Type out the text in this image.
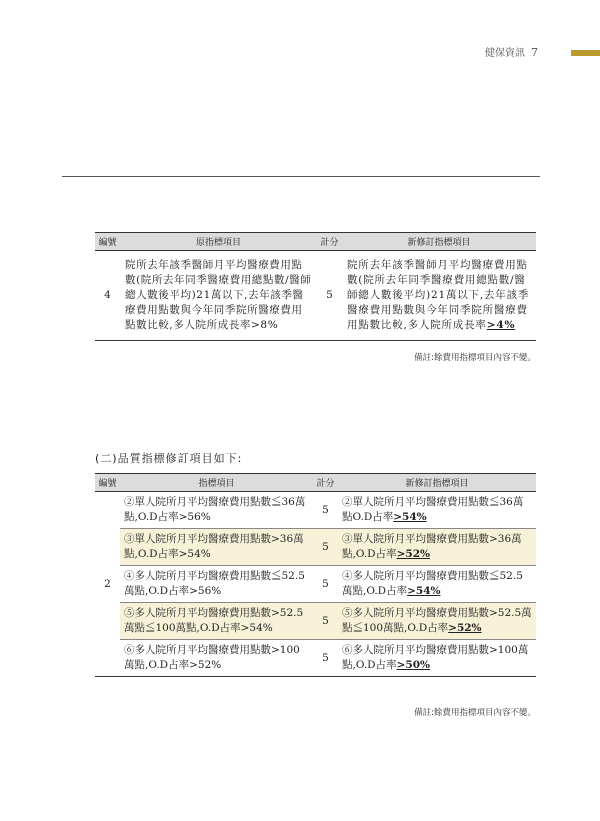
健保資訊 7
編號	原指標項目	計分	新修訂指標項目
4	院所去年該季醫師月平均醫療費用點數(院所去年同季醫療費用總點數/醫師總人數後平均)21萬以下,去年該季醫療費用點數與今年同季院所醫療費用點數比較,多人院所成長率>8%	5	院所去年該季醫師月平均醫療費用點數(院所去年同季醫療費用總點數/醫師總人數後平均)21萬以下,去年該季醫療費用點數與今年同季院所醫療費用點數比較,多人院所成長率>4%
備註:餘費用指標項目內容不變。
(二)品質指標修訂項目如下:
編號	指標項目	計分	新修訂指標項目
2	②單人院所月平均醫療費用點數≦36萬點,O.D占率>56%	5	②單人院所月平均醫療費用點數≦36萬點O.D占率>54%
	③單人院所月平均醫療費用點數>36萬點,O.D占率>54%	5	③單人院所月平均醫療費用點數>36萬點,O.D占率>52%
	④多人院所月平均醫療費用點數≦52.5萬點,O.D占率>56%	5	④多人院所月平均醫療費用點數≦52.5萬點,O.D占率>54%
	⑤多人院所月平均醫療費用點數>52.5萬點≦100萬點,O.D占率>54%	5	⑤多人院所月平均醫療費用點數>52.5萬點≦100萬點,O.D占率>52%
	⑥多人院所月平均醫療費用點數>100萬點,O.D占率>52%	5	⑥多人院所月平均醫療費用點數>100萬點,O.D占率>50%
備註:餘費用指標項目內容不變。
